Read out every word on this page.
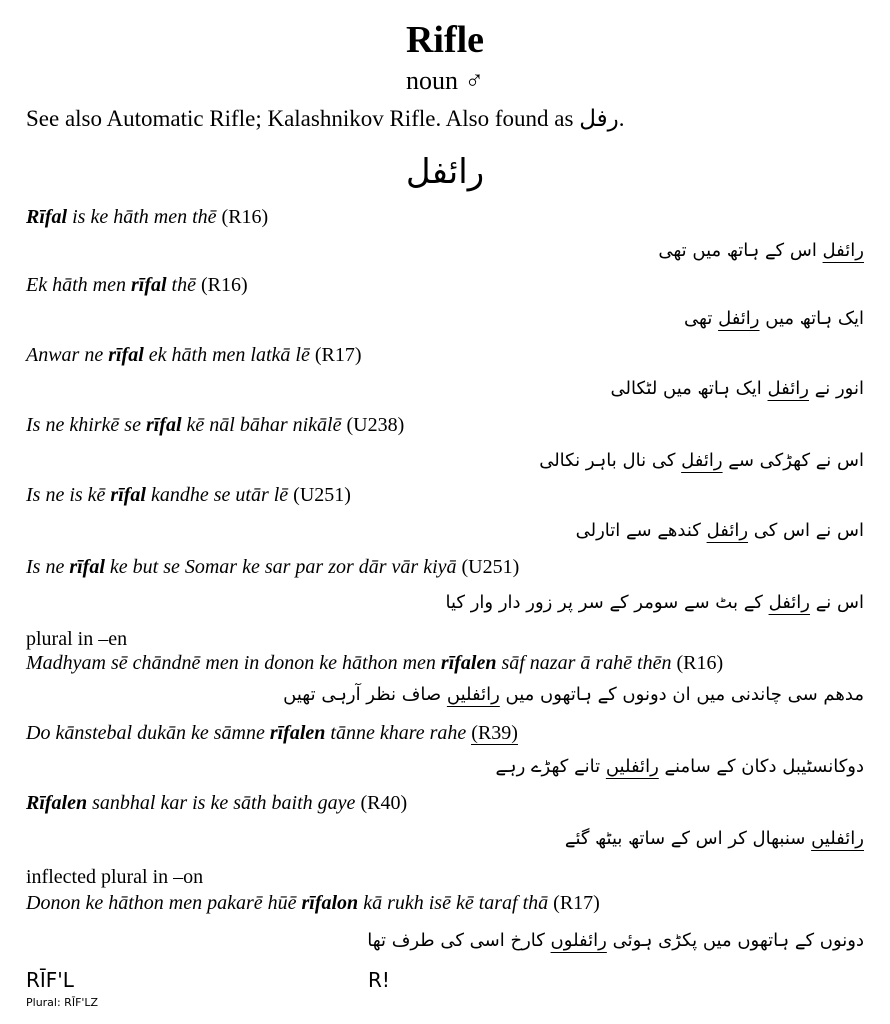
Rifle
noun ♂
See also Automatic Rifle; Kalashnikov Rifle. Also found as رفل.
رائفل
Rīfal is ke hāth men thē (R16)
رائفل اس کے ہاتھ میں تھی
Ek hāth men rīfal thē (R16)
ایک ہاتھ میں رائفل تھی
Anwar ne rīfal ek hāth men latkā lē (R17)
انور نے رائفل ایک ہاتھ میں لٹکالی
Is ne khirkē se rīfal kē nāl bāhar nikālē (U238)
اس نے کھڑکی سے رائفل کی نال باہر نکالی
Is ne is kē rīfal kandhe se utār lē (U251)
اس نے اس کی رائفل کندھے سے اتارلی
Is ne rīfal ke but se Somar ke sar par zor dār vār kiyā (U251)
اس نے رائفل کے بٹ سے سومر کے سر پر زور دار وار کیا
plural in –en
Madhyam sē chāndnē men in donon ke hāthon men rīfalen sāf nazar ā rahē thēn (R16)
مدھم سی چاندنی میں ان دونوں کے ہاتھوں میں رائفلیں صاف نظر آرہی تھیں
Do kānstebal dukān ke sāmne rīfalen tānne khare rahe (R39)
دوکانسٹیبل دکان کے سامنے رائفلیں تانے کھڑے رہے
Rīfalen sanbhal kar is ke sāth baith gaye (R40)
رائفلیں سنبھال کر اس کے ساتھ بیٹھ گئے
inflected plural in –on
Donon ke hāthon men pakarē hūē rīfalon kā rukh isē kē taraf thā (R17)
دونوں کے ہاتھوں میں پکڑی ہوئی رائفلوں کارخ اسی کی طرف تھا
RĪF'L	R!
Plural: RĪF'LZ
